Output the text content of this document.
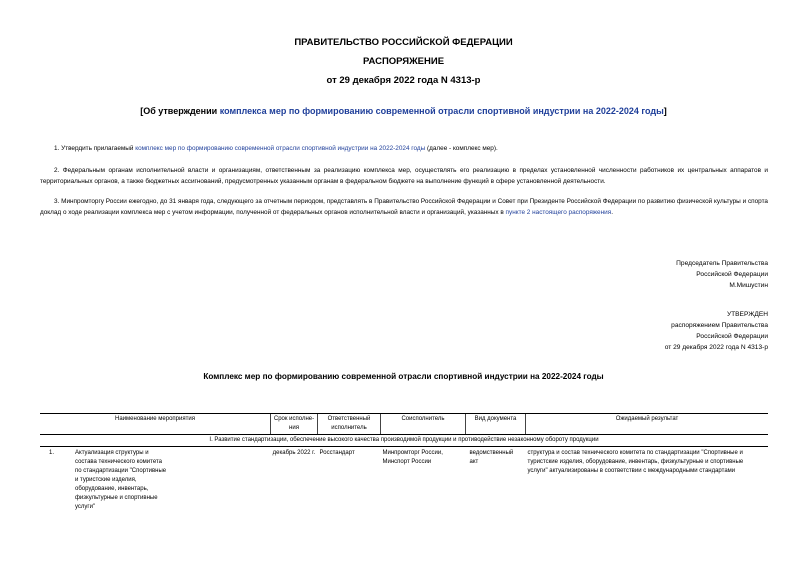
ПРАВИТЕЛЬСТВО РОССИЙСКОЙ ФЕДЕРАЦИИ
РАСПОРЯЖЕНИЕ
от 29 декабря 2022 года N 4313-р
[Об утверждении комплекса мер по формированию современной отрасли спортивной индустрии на 2022-2024 годы]
1. Утвердить прилагаемый комплекс мер по формированию современной отрасли спортивной индустрии на 2022-2024 годы (далее - комплекс мер).
2. Федеральным органам исполнительной власти и организациям, ответственным за реализацию комплекса мер, осуществлять его реализацию в пределах установленной численности работников их центральных аппаратов и территориальных органов, а также бюджетных ассигнований, предусмотренных указанным органам в федеральном бюджете на выполнение функций в сфере установленной деятельности.
3. Минпромторгу России ежегодно, до 31 января года, следующего за отчетным периодом, представлять в Правительство Российской Федерации и Совет при Президенте Российской Федерации по развитию физической культуры и спорта доклад о ходе реализации комплекса мер с учетом информации, полученной от федеральных органов исполнительной власти и организаций, указанных в пункте 2 настоящего распоряжения.
Председатель Правительства
Российской Федерации
М.Мишустин
УТВЕРЖДЕН
распоряжением Правительства
Российской Федерации
от 29 декабря 2022 года N 4313-р
Комплекс мер по формированию современной отрасли спортивной индустрии на 2022-2024 годы
Наименование мероприятия	Срок исполнения	Ответственный исполнитель	Соисполнитель	Вид документа	Ожидаемый результат
I. Развитие стандартизации, обеспечение высокого качества производимой продукции и противодействие незаконному обороту продукции					

1. Актуализация структуры и состава технического комитета по стандартизации "Спортивные и туристские изделия, оборудование, инвентарь, физкультурные и спортивные услуги"	декабрь 2022 г.	Росстандарт	Минпромторг России, Минспорт России	ведомственный акт	структура и состав технического комитета по стандартизации "Спортивные и туристские изделия, оборудование, инвентарь, физкультурные и спортивные услуги" актуализированы в соответствии с международными стандартами
